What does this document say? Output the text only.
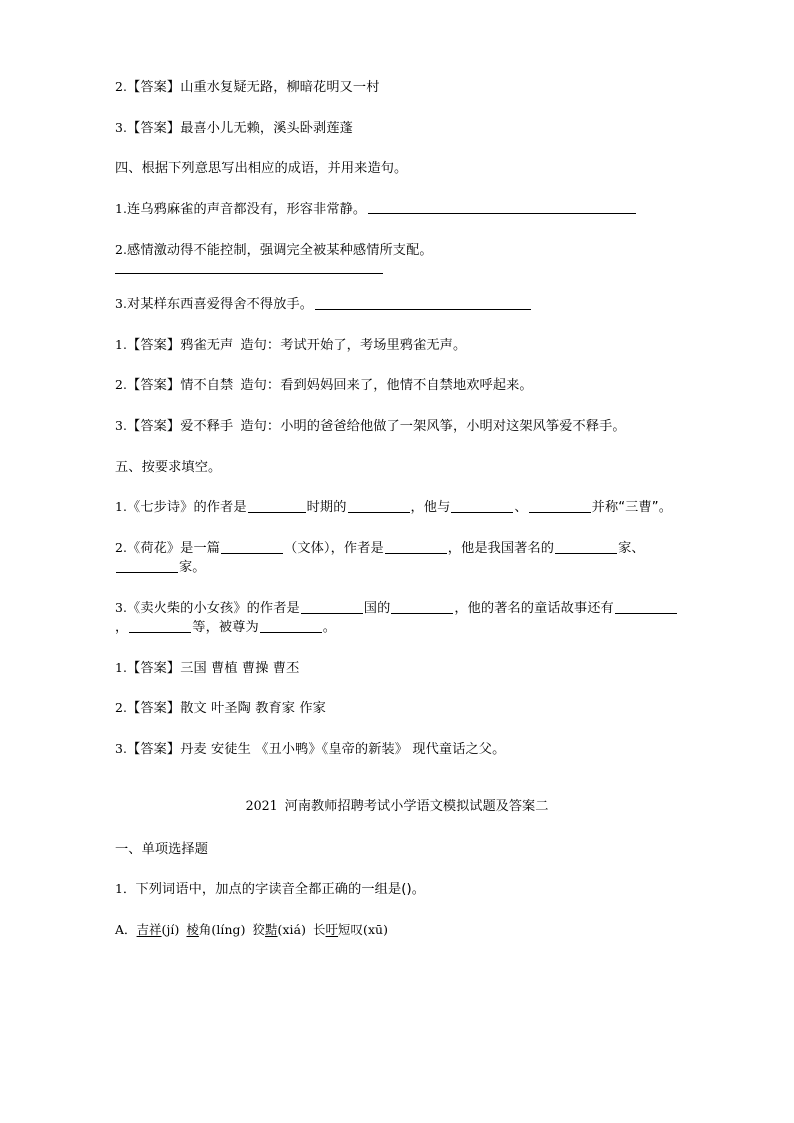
2.【答案】山重水复疑无路，柳暗花明又一村

3.【答案】最喜小儿无赖，溪头卧剥莲蓬

四、根据下列意思写出相应的成语，并用来造句。

1.连乌鸦麻雀的声音都没有，形容非常静。

2.感情激动得不能控制，强调完全被某种感情所支配。

3.对某样东西喜爱得舍不得放手。

1.【答案】鸦雀无声 造句：考试开始了，考场里鸦雀无声。

2.【答案】情不自禁 造句：看到妈妈回来了，他情不自禁地欢呼起来。

3.【答案】爱不释手 造句：小明的爸爸给他做了一架风筝，小明对这架风筝爱不释手。

五、按要求填空。

1.《七步诗》的作者是	时期的	，他与	、	并称“三曹”。

2.《荷花》是一篇	（文体），作者是	，他是我国著名的	家、家。

3.《卖火柴的小女孩》的作者是	国的	，他的著名的童话故事还有，	等，被尊为	。

1.【答案】三国 曹植 曹操 曹丕

2.【答案】散文 叶圣陶 教育家 作家

3.【答案】丹麦 安徒生 《丑小鸭》《皇帝的新装》 现代童话之父。

2021 河南教师招聘考试小学语文模拟试题及答案二

一、单项选择题

1．下列词语中，加点的字读音全都正确的一组是()。

A．吉祥(jí) 棱角(líng) 狡黠(xiá) 长吁短叹(xū)
